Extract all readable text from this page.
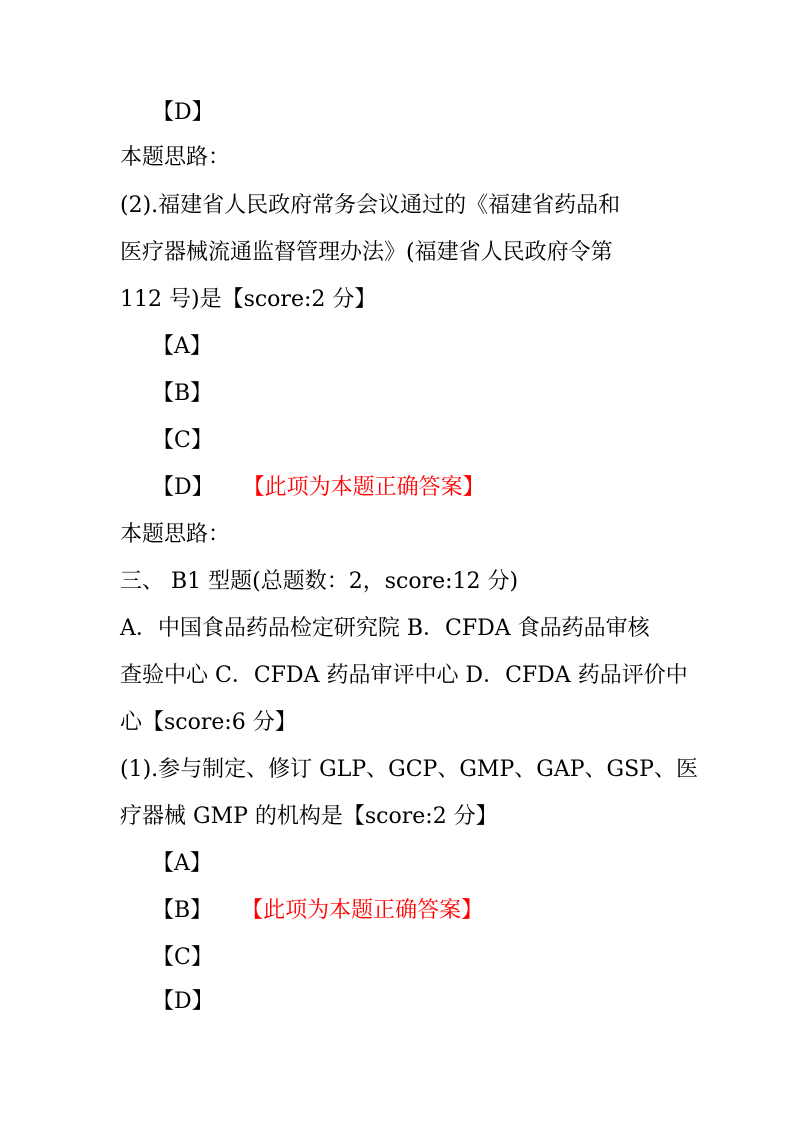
【D】
本题思路：
(2).福建省人民政府常务会议通过的《福建省药品和
医疗器械流通监督管理办法》(福建省人民政府令第
112 号)是【score:2 分】
【A】
【B】
【C】
【D】 【此项为本题正确答案】
本题思路：
三、 B1 型题(总题数：2，score:12 分)
A．中国食品药品检定研究院 B．CFDA 食品药品审核
查验中心 C．CFDA 药品审评中心 D．CFDA 药品评价中
心【score:6 分】
(1).参与制定、修订 GLP、GCP、GMP、GAP、GSP、医
疗器械 GMP 的机构是【score:2 分】
【A】
【B】 【此项为本题正确答案】
【C】
【D】
